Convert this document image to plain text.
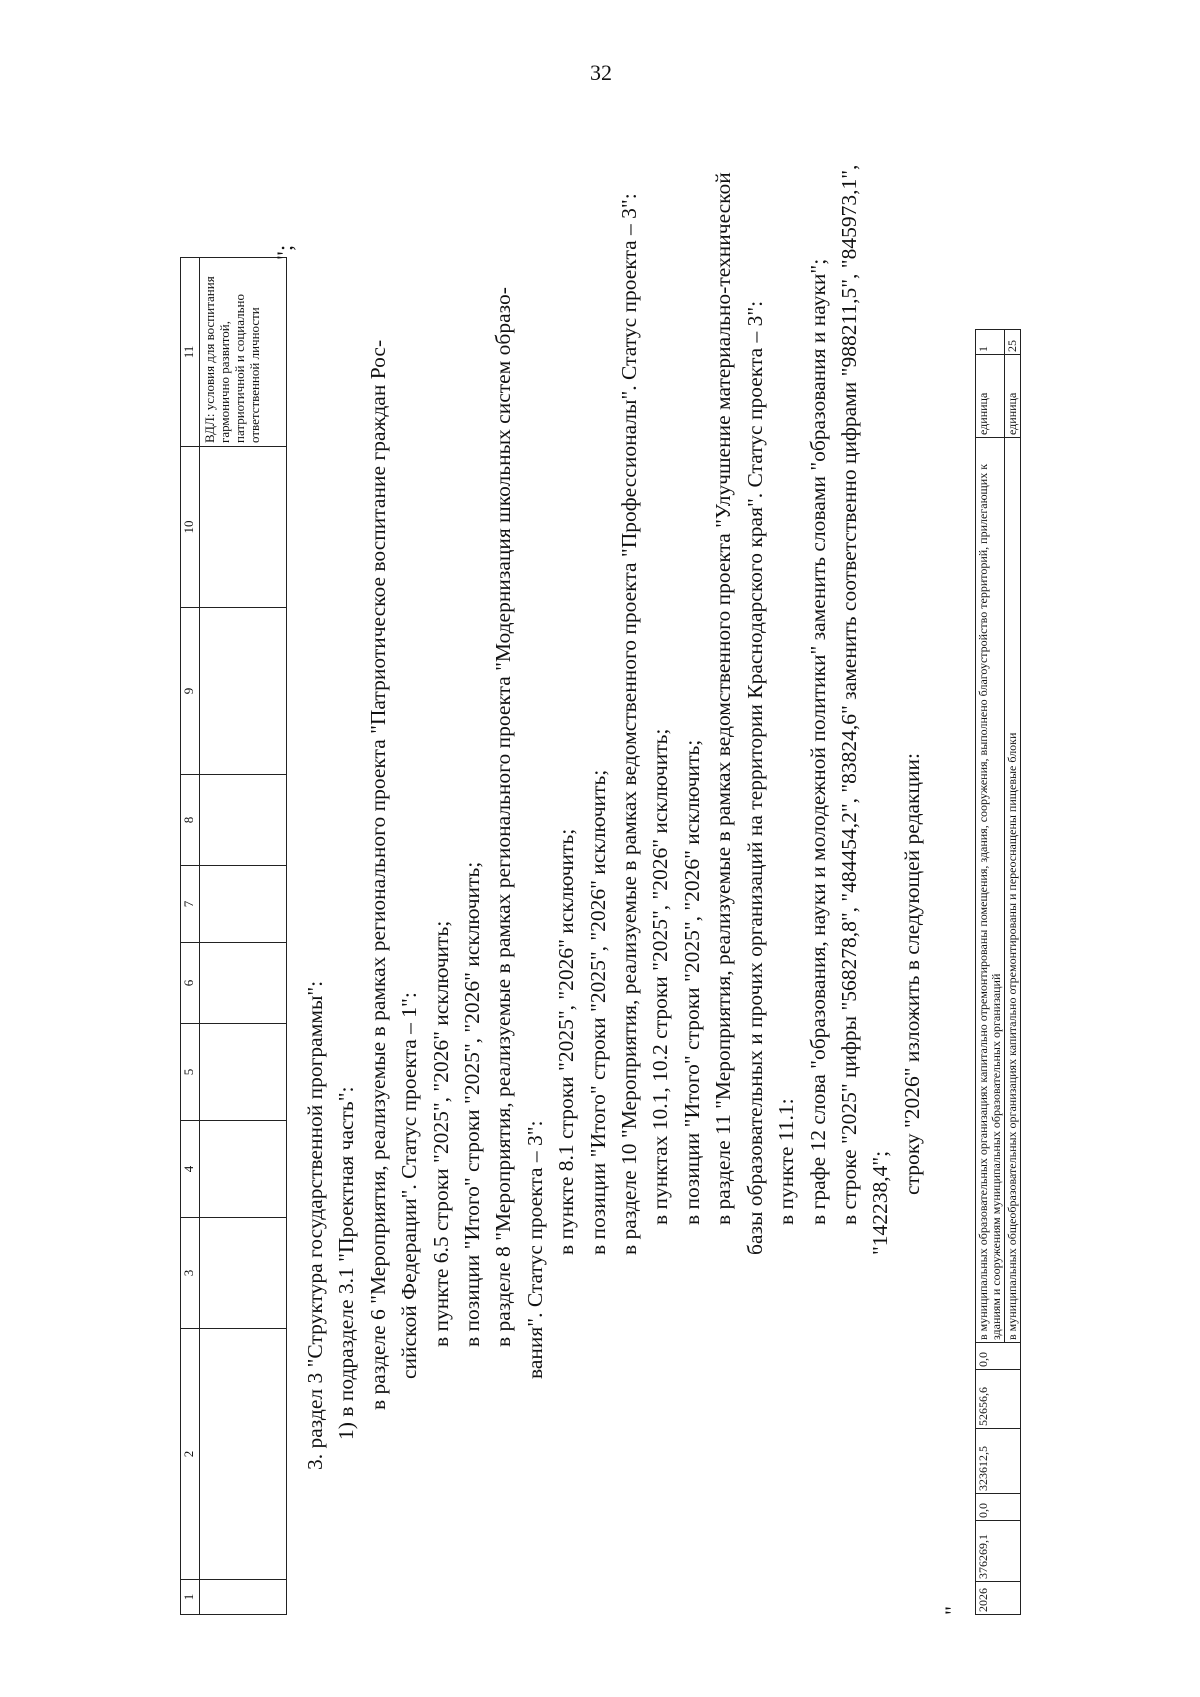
32
1	2	3	4	5	6	7	8	9	10	11
										ВДЛ: условия для воспитания гармонично развитой, патриотичной и социально ответственной личности
";

3. раздел 3 "Структура государственной программы": 1) в подразделе 3.1 "Проектная часть": в разделе 6 "Мероприятия, реализуемые в рамках регионального проекта "Патриотическое воспитание граждан Рос- сийской Федерации". Статус проекта – 1": в пункте 6.5 строки "2025", "2026" исключить; в позиции "Итого" строки "2025", "2026" исключить; в разделе 8 "Мероприятия, реализуемые в рамках регионального проекта "Модернизация школьных систем образо- вания". Статус проекта – 3": в пункте 8.1 строки "2025", "2026" исключить; в позиции "Итого" строки "2025", "2026" исключить; в разделе 10 "Мероприятия, реализуемые в рамках ведомственного проекта "Профессионалы". Статус проекта – 3": в пунктах 10.1, 10.2 строки "2025", "2026" исключить; в позиции "Итого" строки "2025", "2026" исключить; в разделе 11 "Мероприятия, реализуемые в рамках ведомственного проекта "Улучшение материально-технической базы образовательных и прочих организаций на территории Краснодарского края". Статус проекта – 3": в пункте 11.1: в графе 12 слова "образования, науки и молодежной политики" заменить словами "образования и науки"; в строке "2025" цифры "568278,8", "484454,2", "83824,6" заменить соответственно цифрами "988211,5", "845973,1", "142238,4";

строку "2026" изложить в следующей редакции:

" 2026	376269,1	0,0	323612,5	52656,6	0,0	в муниципальных образовательных организациях капитально отремонтированы помещения, здания, сооружения, выполнено благоустройство территорий, прилегающих к зданиям и сооружениям муниципальных образовательных организаций	единица	1
						в муниципальных общеобразовательных организациях капитально отремонтированы и переоснащены пищевые блоки	единица	25
